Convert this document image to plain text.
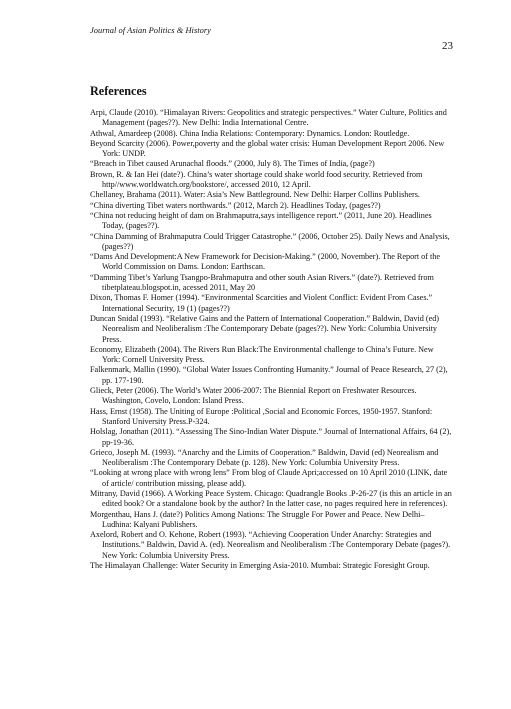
Journal of Asian Politics & History
23
References
Arpi, Claude (2010). “Himalayan Rivers: Geopolitics and strategic perspectives.” Water Culture, Politics and Management (pages??). New Delhi: India International Centre.
Athwal, Amardeep (2008). China India Relations: Contemporary: Dynamics. London: Routledge.
Beyond Scarcity (2006). Power,poverty and the global water crisis: Human Development Report 2006. New York: UNDP.
“Breach in Tibet caused Arunachal floods.” (2000, July 8). The Times of India, (page?)
Brown, R. & Ian Hei (date?). China’s water shortage could shake world food security. Retrieved from http//www.worldwatch.org/bookstore/, accessed 2010, 12 April.
Chellaney, Brahama (2011). Water: Asia’s New Battleground. New Delhi: Harper Collins Publishers.
“China diverting Tibet waters northwards.” (2012, March 2). Headlines Today, (pages??)
“China not reducing height of dam on Brahmaputra,says intelligence report.” (2011, June 20). Headlines Today, (pages??).
“China Damming of Brahmaputra Could Trigger Catastrophe.” (2006, October 25). Daily News and Analysis, (pages??)
“Dams And Development:A New Framework for Decision-Making.” (2000, November). The Report of the World Commission on Dams. London: Earthscan.
“Damming Tibet’s Yarlung Tsangpo-Brahmaputra and other south Asian Rivers.” (date?). Retrieved from tibetplateau.blogspot.in, acessed 2011, May 20
Dixon, Thomas F. Homer (1994). “Environmental Scarcities and Violent Conflict: Evident From Cases.” International Security, 19 (1) (pages??)
Duncan Snidal (1993). “Relative Gains and the Pattern of International Cooperation.” Baldwin, David (ed) Neorealism and Neoliberalism :The Contemporary Debate (pages??). New York: Columbia University Press.
Economy, Elizabeth (2004). The Rivers Run Black:The Environmental challenge to China’s Future. New York: Cornell University Press.
Falkenmark, Mallin (1990). “Global Water Issues Confronting Humanity.” Journal of Peace Research, 27 (2), pp. 177-190.
Glieck, Peter (2006). The World’s Water 2006-2007: The Biennial Report on Freshwater Resources. Washington, Covelo, London: Island Press.
Hass, Ernst (1958). The Uniting of Europe :Political ,Social and Economic Forces, 1950-1957. Stanford: Stanford University Press.P-324.
Holslag, Jonathan (2011). “Assessing The Sino-Indian Water Dispute.” Journal of International Affairs, 64 (2), pp-19-36.
Grieco, Joseph M. (1993). “Anarchy and the Limits of Cooperation.” Baldwin, David (ed) Neorealism and Neoliberalism :The Contemporary Debate (p. 128). New York: Columbia University Press.
“Looking at wrong place with wrong lens” From blog of Claude Apri;accessed on 10 April 2010 (LINK, date of article/ contribution missing, please add).
Mitrany, David (1966). A Working Peace System. Chicago: Quadrangle Books .P-26-27 (is this an article in an edited book? Or a standalone book by the author? In the latter case, no pages required here in references).
Morgenthau, Hans J. (date?) Politics Among Nations: The Struggle For Power and Peace. New Delhi–Ludhina: Kalyani Publishers.
Axelord, Robert and O. Kehone, Robert (1993). “Achieving Cooperation Under Anarchy: Strategies and Institutions.” Baldwin, David A. (ed). Neorealism and Neoliberalism :The Contemporary Debate (pages?). New York: Columbia University Press.
The Himalayan Challenge: Water Security in Emerging Asia-2010. Mumbai: Strategic Foresight Group.
